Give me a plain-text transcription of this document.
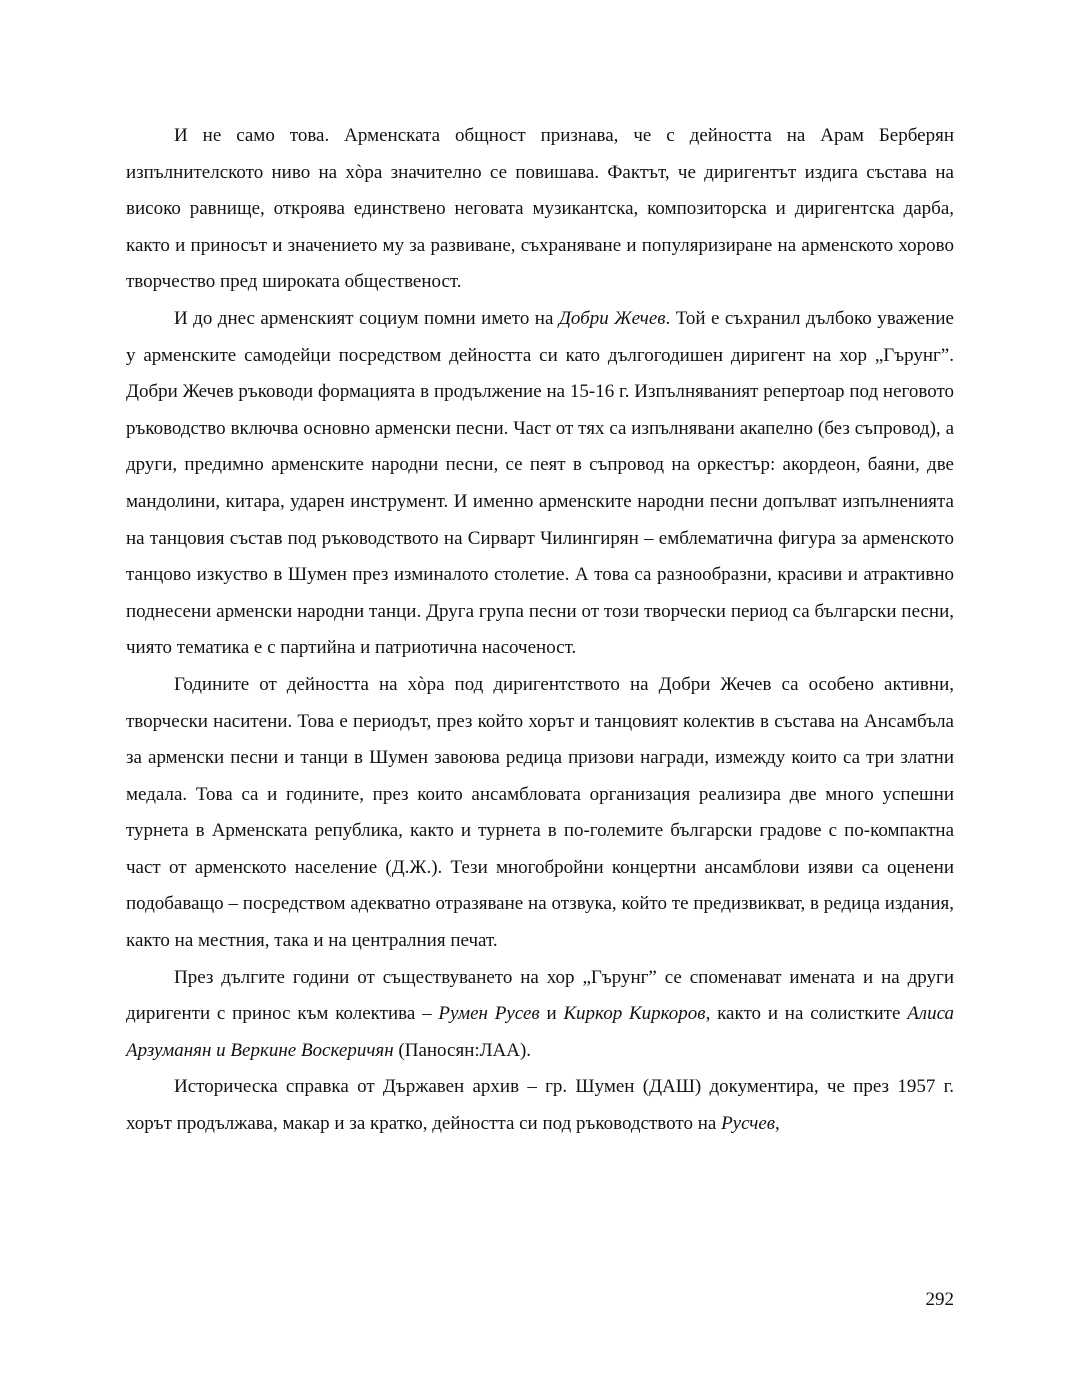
И не само това. Арменската общност признава, че с дейността на Арам Берберян изпълнителското ниво на хòра значително се повишава. Фактът, че диригентът издига състава на високо равнище, откроява единствено неговата музикантска, композиторска и диригентска дарба, както и приносът и значението му за развиване, съхраняване и популяризиране на арменското хорово творчество пред широката общественост.

И до днес арменският социум помни името на Добри Жечев. Той е съхранил дълбоко уважение у арменските самодейци посредством дейността си като дългогодишен диригент на хор „Гърунг”. Добри Жечев ръководи формацията в продължение на 15-16 г. Изпълняваният репертоар под неговото ръководство включва основно арменски песни. Част от тях са изпълнявани акапелно (без съпровод), а други, предимно арменските народни песни, се пеят в съпровод на оркестър: акордеон, баяни, две мандолини, китара, ударен инструмент. И именно арменските народни песни допълват изпълненията на танцовия състав под ръководството на Сирварт Чилингирян – емблематична фигура за арменското танцово изкуство в Шумен през изминалото столетие. А това са разнообразни, красиви и атрактивно поднесени арменски народни танци. Друга група песни от този творчески период са български песни, чиято тематика е с партийна и патриотична насоченост.

Годините от дейността на хòра под диригентството на Добри Жечев са особено активни, творчески наситени. Това е периодът, през който хорът и танцовият колектив в състава на Ансамбъла за арменски песни и танци в Шумен завоюва редица призови награди, измежду които са три златни медала. Това са и годините, през които ансамбловата организация реализира две много успешни турнета в Арменската република, както и турнета в по-големите български градове с по-компактна част от арменското население (Д.Ж.). Тези многобройни концертни ансамблови изяви са оценени подобаващо – посредством адекватно отразяване на отзвука, който те предизвикват, в редица издания, както на местния, така и на централния печат.

През дългите години от съществуването на хор „Гърунг” се споменават имената и на други диригенти с принос към колектива – Румен Русев и Киркор Киркоров, както и на солистките Алиса Арзуманян и Веркине Воскеричян (Паносян:ЛАА).

Историческа справка от Държавен архив – гр. Шумен (ДАШ) документира, че през 1957 г. хорът продължава, макар и за кратко, дейността си под ръководството на Русчев,

292
